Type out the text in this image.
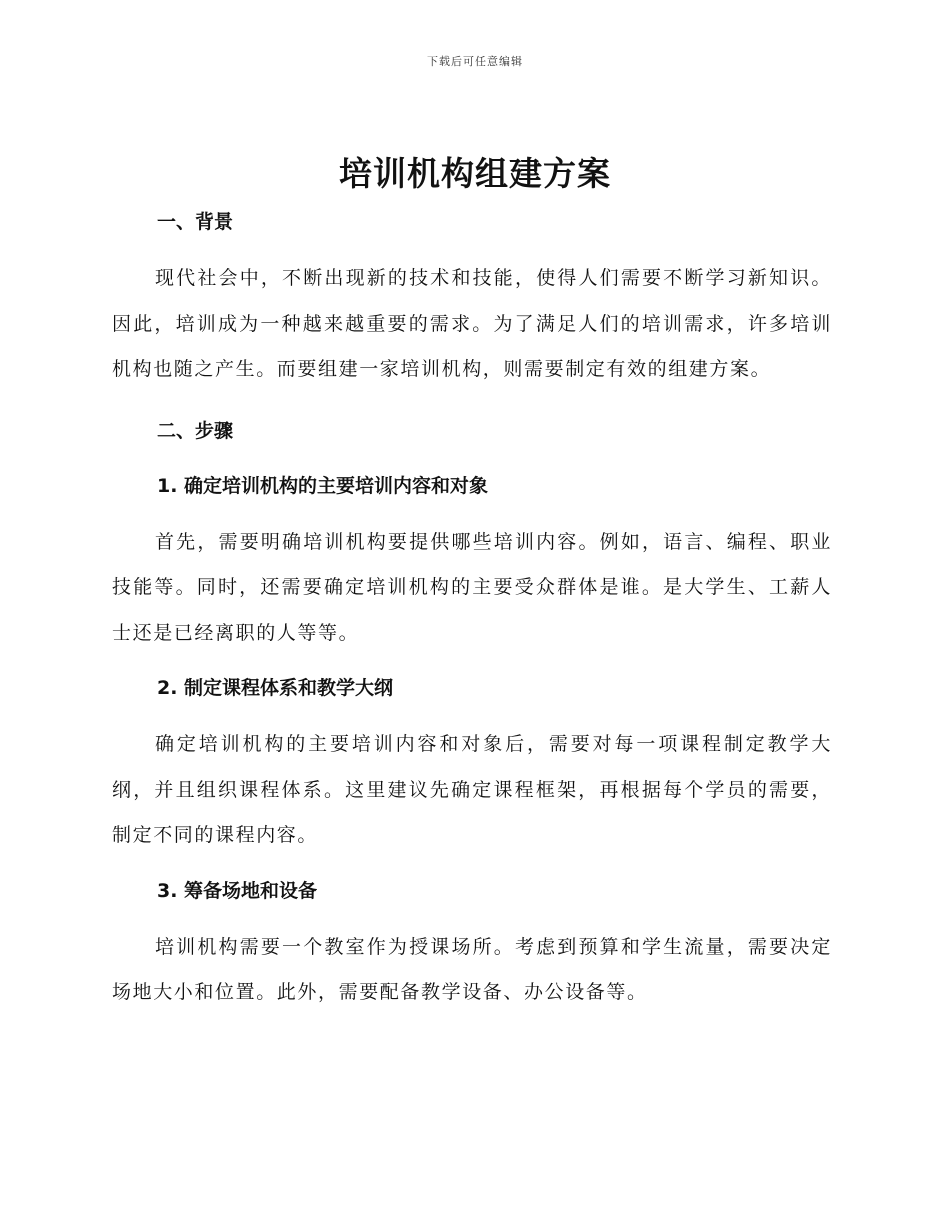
下载后可任意编辑
培训机构组建方案
一、背景

现代社会中，不断出现新的技术和技能，使得人们需要不断学习新知识。因此，培训成为一种越来越重要的需求。为了满足人们的培训需求，许多培训机构也随之产生。而要组建一家培训机构，则需要制定有效的组建方案。

二、步骤
1. 确定培训机构的主要培训内容和对象

首先，需要明确培训机构要提供哪些培训内容。例如，语言、编程、职业技能等。同时，还需要确定培训机构的主要受众群体是谁。是大学生、工薪人士还是已经离职的人等等。

2. 制定课程体系和教学大纲

确定培训机构的主要培训内容和对象后，需要对每一项课程制定教学大纲，并且组织课程体系。这里建议先确定课程框架，再根据每个学员的需要，制定不同的课程内容。

3. 筹备场地和设备

培训机构需要一个教室作为授课场所。考虑到预算和学生流量，需要决定场地大小和位置。此外，需要配备教学设备、办公设备等。
